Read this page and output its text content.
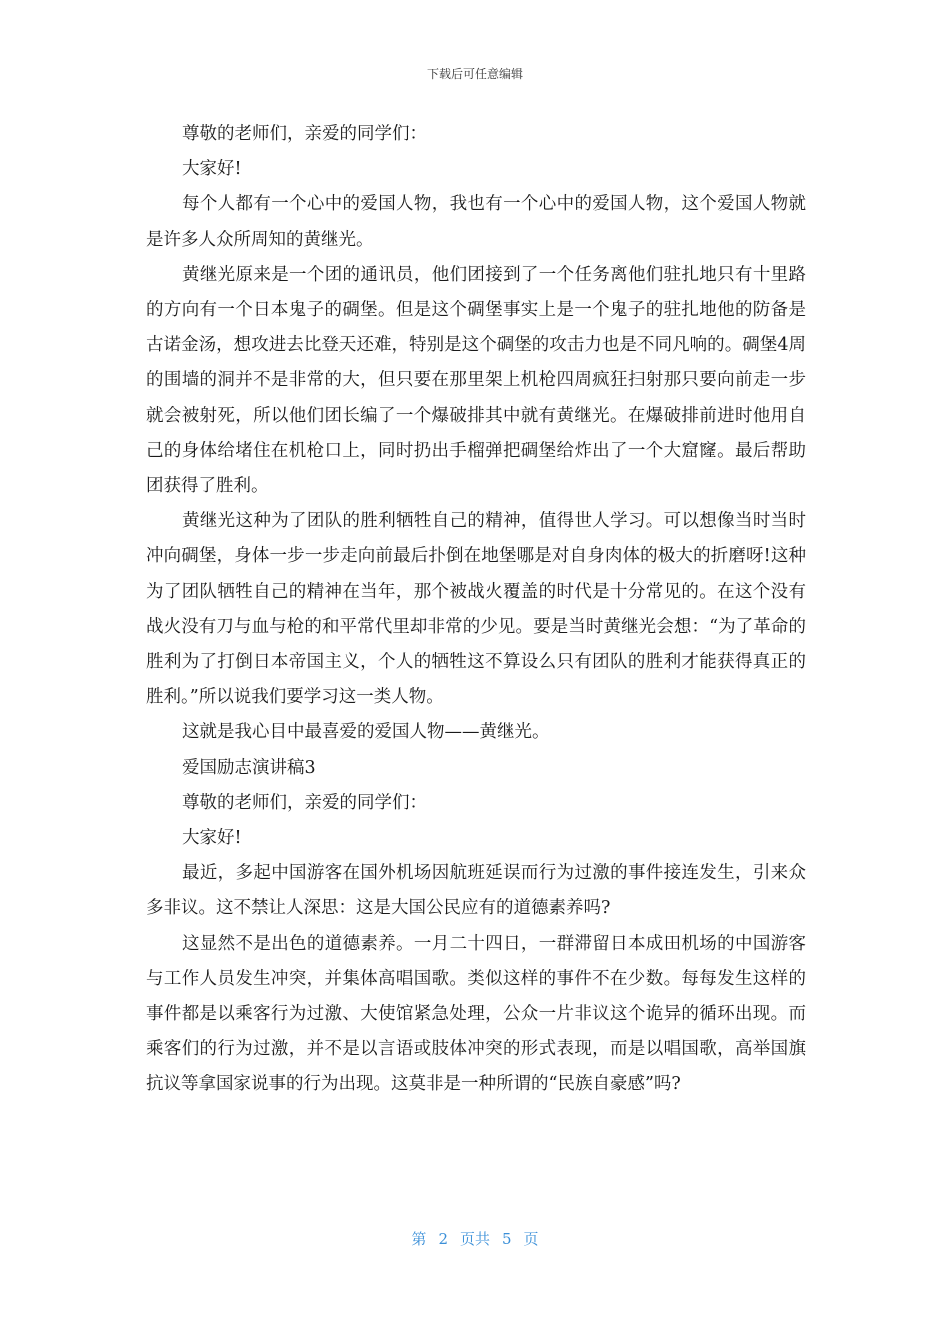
下载后可任意编辑

尊敬的老师们，亲爱的同学们：

大家好!

每个人都有一个心中的爱国人物，我也有一个心中的爱国人物，这个爱国人物就是许多人众所周知的黄继光。

黄继光原来是一个团的通讯员，他们团接到了一个任务离他们驻扎地只有十里路的方向有一个日本鬼子的碉堡。但是这个碉堡事实上是一个鬼子的驻扎地他的防备是古诺金汤，想攻进去比登天还难，特别是这个碉堡的攻击力也是不同凡响的。碉堡4周的围墙的洞并不是非常的大，但只要在那里架上机枪四周疯狂扫射那只要向前走一步就会被射死，所以他们团长编了一个爆破排其中就有黄继光。在爆破排前进时他用自己的身体给堵住在机枪口上，同时扔出手榴弹把碉堡给炸出了一个大窟窿。最后帮助团获得了胜利。

黄继光这种为了团队的胜利牺牲自己的精神，值得世人学习。可以想像当时当时冲向碉堡，身体一步一步走向前最后扑倒在地堡哪是对自身肉体的极大的折磨呀!这种为了团队牺牲自己的精神在当年，那个被战火覆盖的时代是十分常见的。在这个没有战火没有刀与血与枪的和平常代里却非常的少见。要是当时黄继光会想：“为了革命的胜利为了打倒日本帝国主义，个人的牺牲这不算设么只有团队的胜利才能获得真正的胜利。”所以说我们要学习这一类人物。

这就是我心目中最喜爱的爱国人物——黄继光。

爱国励志演讲稿3

尊敬的老师们，亲爱的同学们：

大家好!

最近，多起中国游客在国外机场因航班延误而行为过激的事件接连发生，引来众多非议。这不禁让人深思：这是大国公民应有的道德素养吗?

这显然不是出色的道德素养。一月二十四日，一群滞留日本成田机场的中国游客与工作人员发生冲突，并集体高唱国歌。类似这样的事件不在少数。每每发生这样的事件都是以乘客行为过激、大使馆紧急处理，公众一片非议这个诡异的循环出现。而乘客们的行为过激，并不是以言语或肢体冲突的形式表现，而是以唱国歌，高举国旗抗议等拿国家说事的行为出现。这莫非是一种所谓的“民族自豪感”吗?

第 2 页共 5 页
